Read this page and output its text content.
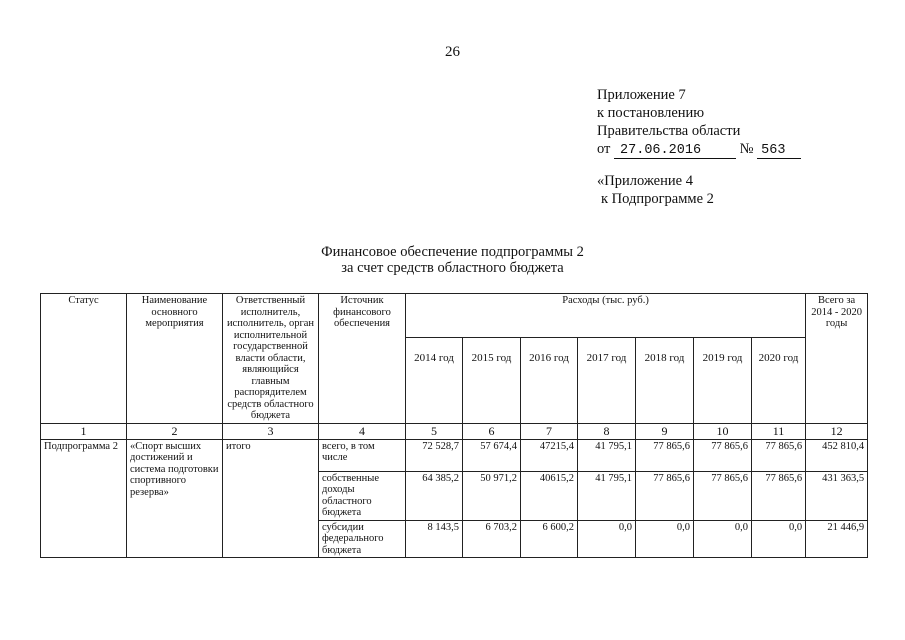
26
Приложение 7
к постановлению
Правительства области
от 27.06.2016	№ 563
«Приложение 4
к Подпрограмме 2
Финансовое обеспечение подпрограммы 2
за счет средств областного бюджета
Статус	Наименование основного мероприятия	Ответственный исполнитель, исполнитель, орган исполнительной государственной власти области, являющийся главным распорядителем средств областного бюджета	Источник финансового обеспечения	Расходы (тыс. руб.)							Всего за 2014 - 2020 годы
				2014 год	2015 год	2016 год	2017 год	2018 год	2019 год	2020 год	
1	2	3	4	5	6	7	8	9	10	11	12
Подпрограмма 2	«Спорт высших достижений и система подготовки спортивного резерва»	итого	всего, в том числе	72 528,7	57 674,4	47215,4	41 795,1	77 865,6	77 865,6	77 865,6	452 810,4
			собственные доходы областного бюджета	64 385,2	50 971,2	40615,2	41 795,1	77 865,6	77 865,6	77 865,6	431 363,5
			субсидии федерального бюджета	8 143,5	6 703,2	6 600,2	0,0	0,0	0,0	0,0	21 446,9
